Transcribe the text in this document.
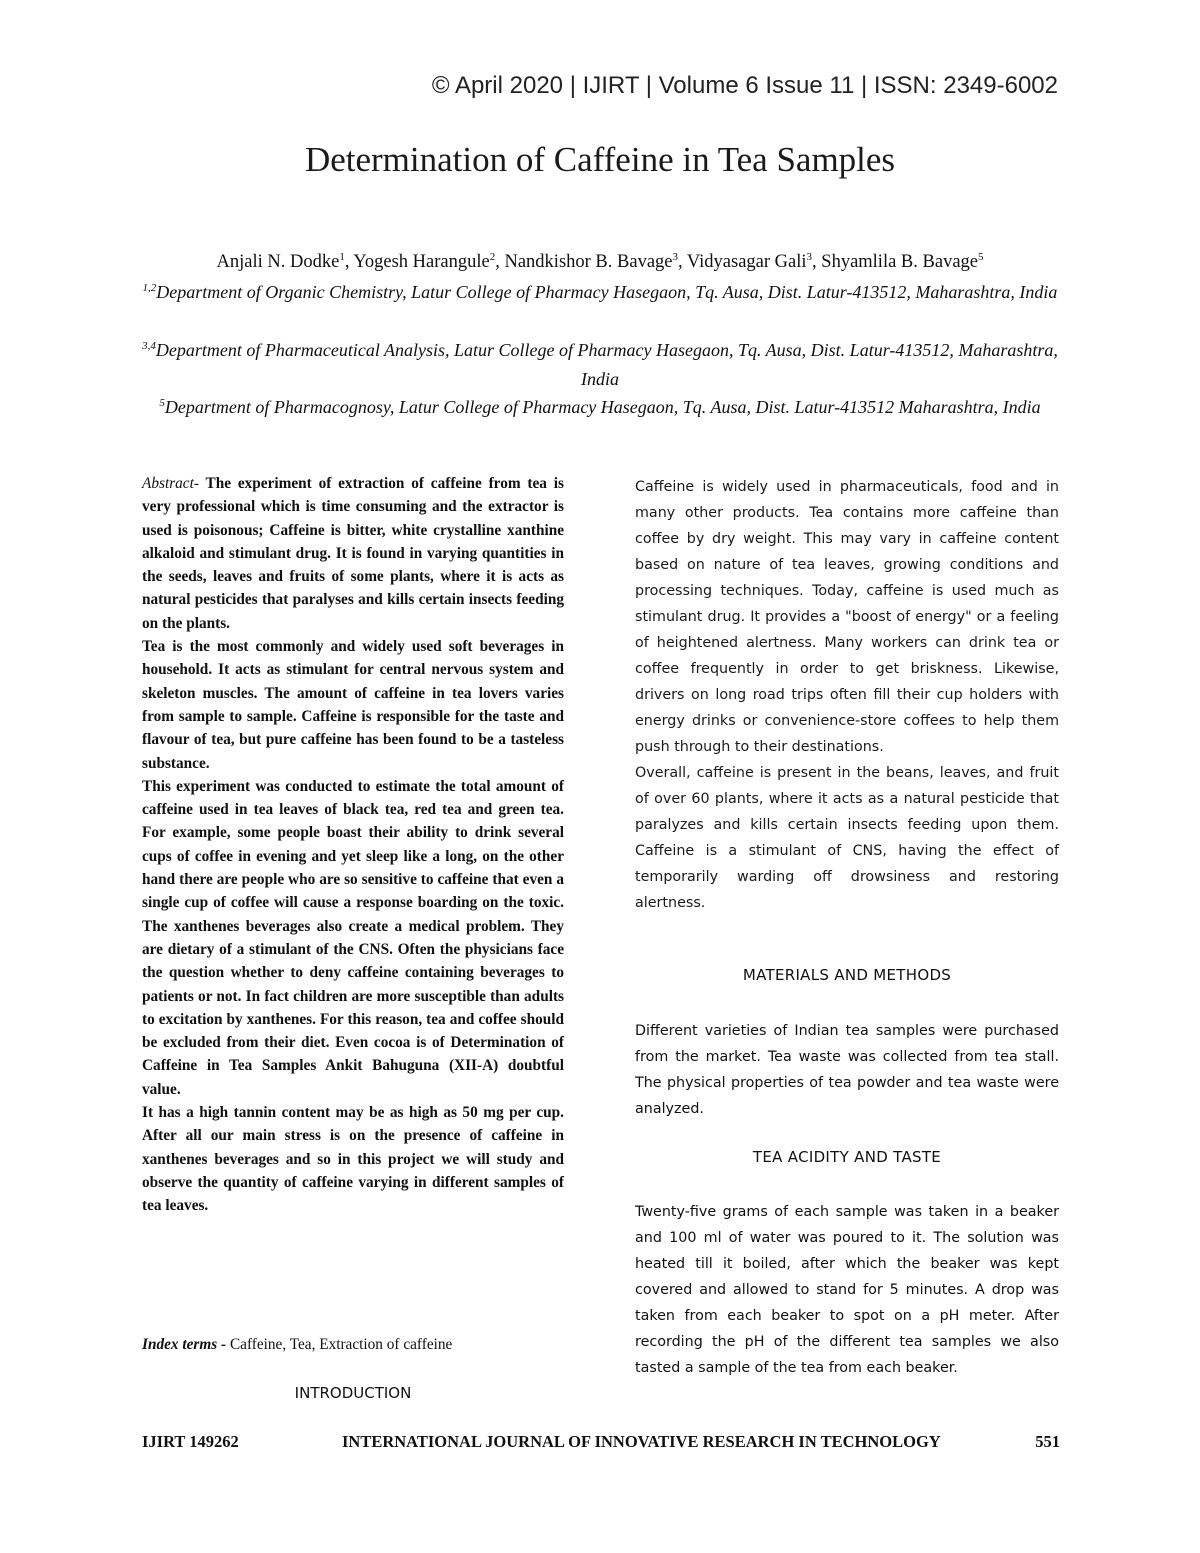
© April 2020 | IJIRT | Volume 6 Issue 11 | ISSN: 2349-6002
Determination of Caffeine in Tea Samples
Anjali N. Dodke$^1$, Yogesh Harangule$^2$, Nandkishor B. Bavage$^3$, Vidyasagar Gali$^3$, Shyamlila B. Bavage$^5$
$^{1,2}$Department of Organic Chemistry, Latur College of Pharmacy Hasegaon, Tq. Ausa, Dist. Latur-413512, Maharashtra, India
$^{3,4}$Department of Pharmaceutical Analysis, Latur College of Pharmacy Hasegaon, Tq. Ausa, Dist. Latur-413512, Maharashtra, India
$^5$Department of Pharmacognosy, Latur College of Pharmacy Hasegaon, Tq. Ausa, Dist. Latur-413512 Maharashtra, India

Abstract- The experiment of extraction of caffeine from tea is very professional which is time consuming and the extractor is used is poisonous; Caffeine is bitter, white crystalline xanthine alkaloid and stimulant drug. It is found in varying quantities in the seeds, leaves and fruits of some plants, where it is acts as natural pesticides that paralyses and kills certain insects feeding on the plants.

Tea is the most commonly and widely used soft beverages in household. It acts as stimulant for central nervous system and skeleton muscles. The amount of caffeine in tea lovers varies from sample to sample. Caffeine is responsible for the taste and flavour of tea, but pure caffeine has been found to be a tasteless substance.

This experiment was conducted to estimate the total amount of caffeine used in tea leaves of black tea, red tea and green tea. For example, some people boast their ability to drink several cups of coffee in evening and yet sleep like a long, on the other hand there are people who are so sensitive to caffeine that even a single cup of coffee will cause a response boarding on the toxic. The xanthenes beverages also create a medical problem. They are dietary of a stimulant of the CNS. Often the physicians face the question whether to deny caffeine containing beverages to patients or not. In fact children are more susceptible than adults to excitation by xanthenes. For this reason, tea and coffee should be excluded from their diet. Even cocoa is of Determination of Caffeine in Tea Samples Ankit Bahuguna (XII-A) doubtful value.

It has a high tannin content may be as high as 50 mg per cup. After all our main stress is on the presence of caffeine in xanthenes beverages and so in this project we will study and observe the quantity of caffeine varying in different samples of tea leaves.

Index terms - Caffeine, Tea, Extraction of caffeine
INTRODUCTION

Caffeine is widely used in pharmaceuticals, food and in many other products. Tea contains more caffeine than coffee by dry weight. This may vary in caffeine content based on nature of tea leaves, growing conditions and processing techniques. Today, caffeine is used much as stimulant drug. It provides a "boost of energy" or a feeling of heightened alertness. Many workers can drink tea or coffee frequently in order to get briskness. Likewise, drivers on long road trips often fill their cup holders with energy drinks or convenience-store coffees to help them push through to their destinations.

Overall, caffeine is present in the beans, leaves, and fruit of over 60 plants, where it acts as a natural pesticide that paralyzes and kills certain insects feeding upon them. Caffeine is a stimulant of CNS, having the effect of temporarily warding off drowsiness and restoring alertness.

MATERIALS AND METHODS

Different varieties of Indian tea samples were purchased from the market. Tea waste was collected from tea stall. The physical properties of tea powder and tea waste were analyzed.

TEA ACIDITY AND TASTE

Twenty-five grams of each sample was taken in a beaker and 100 ml of water was poured to it. The solution was heated till it boiled, after which the beaker was kept covered and allowed to stand for 5 minutes. A drop was taken from each beaker to spot on a pH meter. After recording the pH of the different tea samples we also tasted a sample of the tea from each beaker.

IJIRT 149262	INTERNATIONAL JOURNAL OF INNOVATIVE RESEARCH IN TECHNOLOGY	551
